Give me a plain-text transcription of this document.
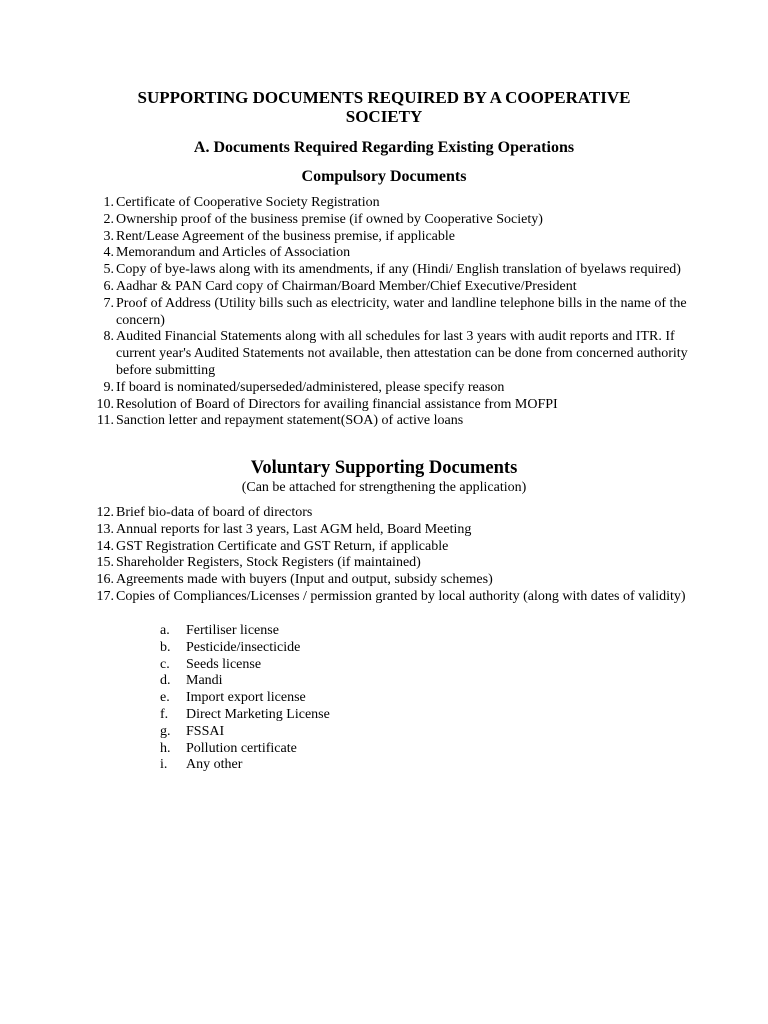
SUPPORTING DOCUMENTS REQUIRED BY A COOPERATIVE SOCIETY
A. Documents Required Regarding Existing Operations
Compulsory Documents
1. Certificate of Cooperative Society Registration
2. Ownership proof of the business premise (if owned by Cooperative Society)
3. Rent/Lease Agreement of the business premise, if applicable
4. Memorandum and Articles of Association
5. Copy of bye-laws along with its amendments, if any (Hindi/ English translation of byelaws required)
6. Aadhar & PAN Card copy of Chairman/Board Member/Chief Executive/President
7. Proof of Address (Utility bills such as electricity, water and landline telephone bills in the name of the concern)
8. Audited Financial Statements along with all schedules for last 3 years with audit reports and ITR. If current year's Audited Statements not available, then attestation can be done from concerned authority before submitting
9. If board is nominated/superseded/administered, please specify reason
10. Resolution of Board of Directors for availing financial assistance from MOFPI
11. Sanction letter and repayment statement(SOA) of active loans
Voluntary Supporting Documents
(Can be attached for strengthening the application)
12. Brief bio-data of board of directors
13. Annual reports for last 3 years, Last AGM held, Board Meeting
14. GST Registration Certificate and GST Return, if applicable
15. Shareholder Registers, Stock Registers (if maintained)
16. Agreements made with buyers (Input and output, subsidy schemes)
17. Copies of Compliances/Licenses / permission granted by local authority (along with dates of validity)
a.	Fertiliser license
b.	Pesticide/insecticide
c.	Seeds license
d.	Mandi
e.	Import export license
f.	Direct Marketing License
g.	FSSAI
h.	Pollution certificate
i.	Any other
